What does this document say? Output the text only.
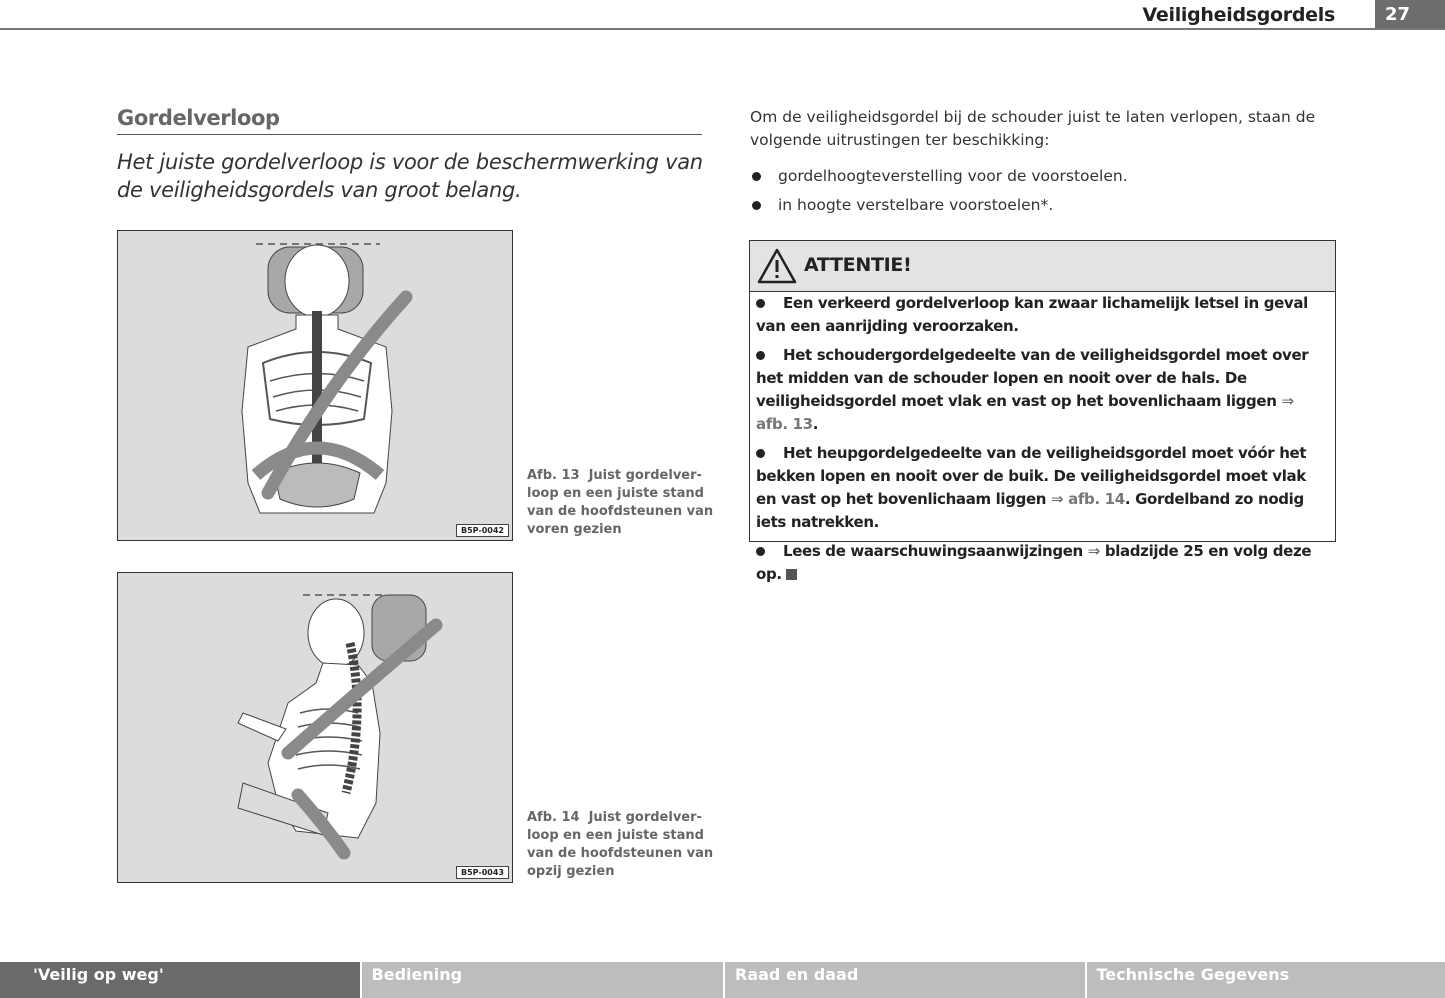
Veiligheidsgordels	27
Gordelverloop

Het juiste gordelverloop is voor de beschermwerking van de veiligheidsgordels van groot belang.

B5P-0042
Afb. 13 Juist gordelver-
loop en een juiste stand
van de hoofdsteunen van
voren gezien
B5P-0043
Afb. 14 Juist gordelver-
loop en een juiste stand
van de hoofdsteunen van
opzij gezien

Om de veiligheidsgordel bij de schouder juist te laten verlopen, staan de volgende uitrustingen ter beschikking:

gordelhoogteverstelling voor de voorstoelen.
in hoogte verstelbare voorstoelen*.
ATTENTIE!
Een verkeerd gordelverloop kan zwaar lichamelijk letsel in geval van een aanrijding veroorzaken.
Het schoudergordelgedeelte van de veiligheidsgordel moet over het midden van de schouder lopen en nooit over de hals. De veiligheidsgordel moet vlak en vast op het bovenlichaam liggen ⇒ afb. 13.
Het heupgordelgedeelte van de veiligheidsgordel moet vóór het bekken lopen en nooit over de buik. De veiligheidsgordel moet vlak en vast op het bovenlichaam liggen ⇒ afb. 14. Gordelband zo nodig iets natrekken.
Lees de waarschuwingsaanwijzingen ⇒ bladzijde 25 en volg deze op.
'Veilig op weg'	Bediening	Raad en daad	Technische Gegevens
